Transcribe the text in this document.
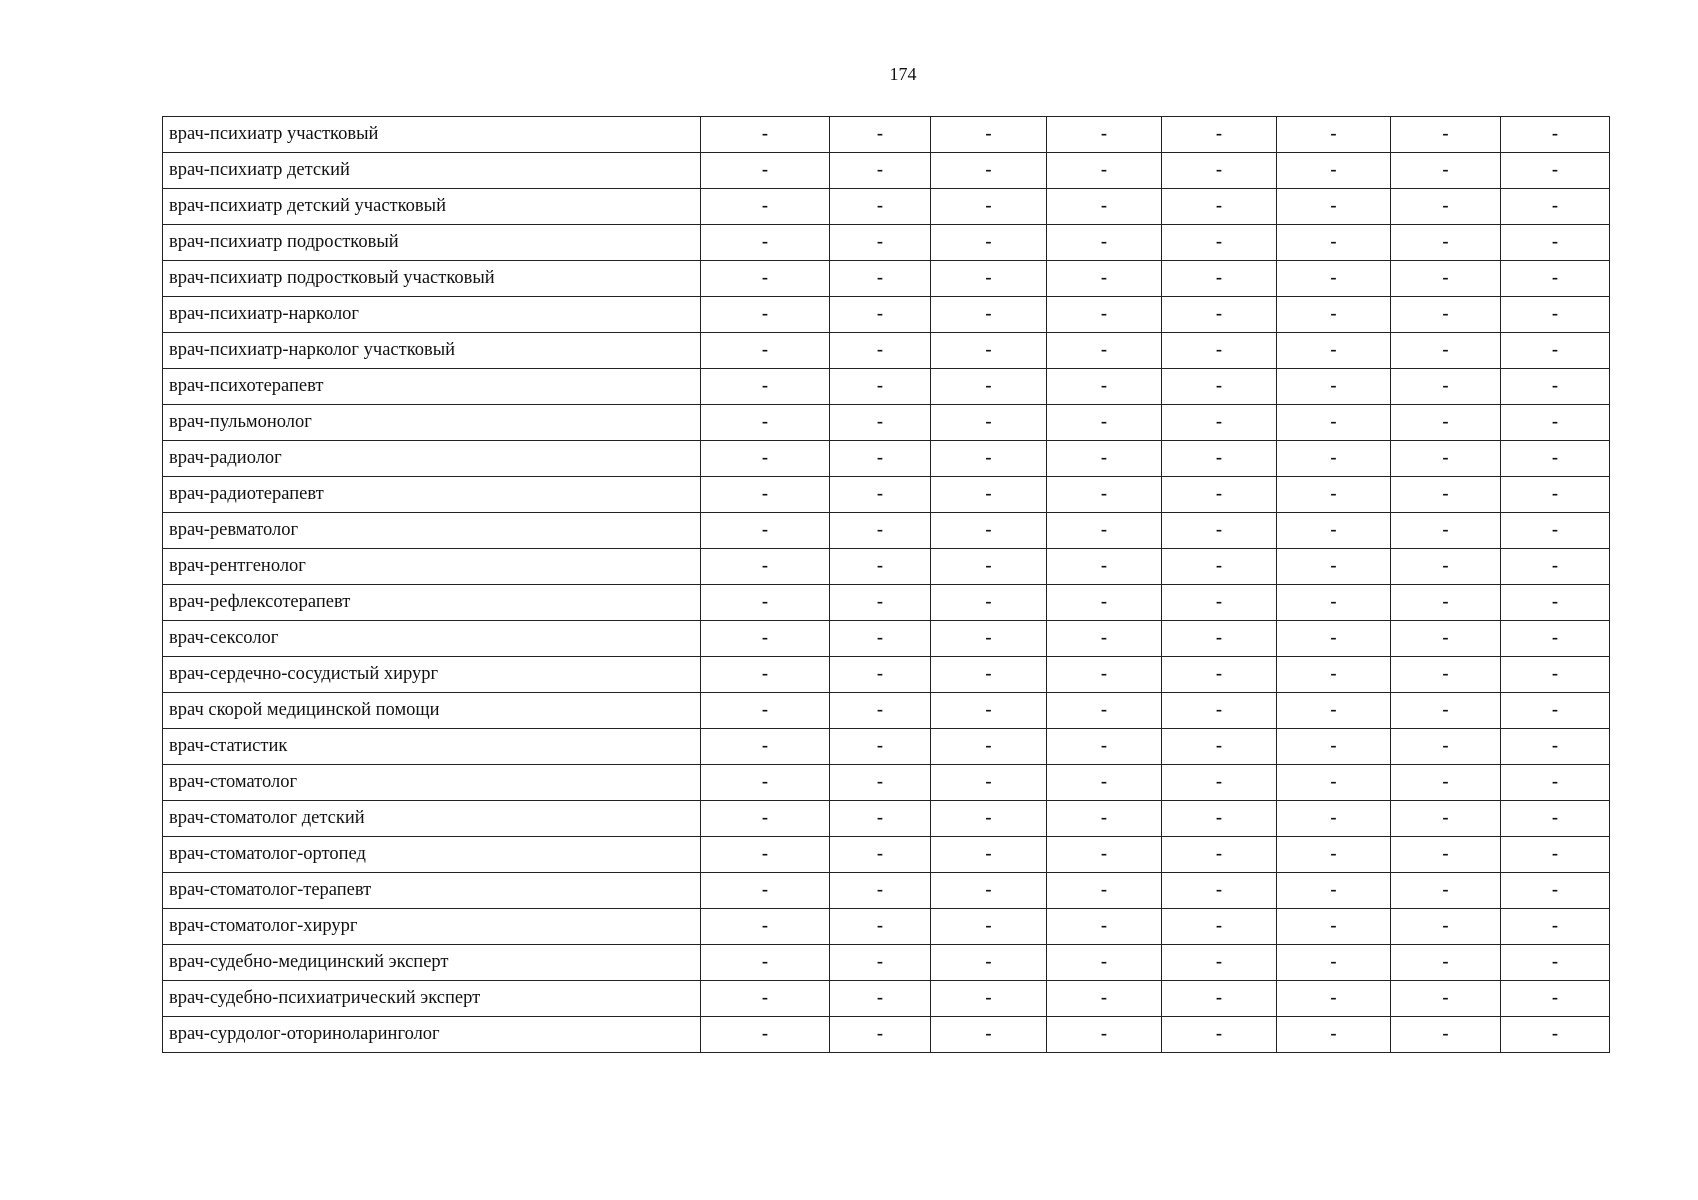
174
врач-психиатр участковый	-	-	-	-	-	-	-	-
врач-психиатр детский	-	-	-	-	-	-	-	-
врач-психиатр детский участковый	-	-	-	-	-	-	-	-
врач-психиатр подростковый	-	-	-	-	-	-	-	-
врач-психиатр подростковый участковый	-	-	-	-	-	-	-	-
врач-психиатр-нарколог	-	-	-	-	-	-	-	-
врач-психиатр-нарколог участковый	-	-	-	-	-	-	-	-
врач-психотерапевт	-	-	-	-	-	-	-	-
врач-пульмонолог	-	-	-	-	-	-	-	-
врач-радиолог	-	-	-	-	-	-	-	-
врач-радиотерапевт	-	-	-	-	-	-	-	-
врач-ревматолог	-	-	-	-	-	-	-	-
врач-рентгенолог	-	-	-	-	-	-	-	-
врач-рефлексотерапевт	-	-	-	-	-	-	-	-
врач-сексолог	-	-	-	-	-	-	-	-
врач-сердечно-сосудистый хирург	-	-	-	-	-	-	-	-
врач скорой медицинской помощи	-	-	-	-	-	-	-	-
врач-статистик	-	-	-	-	-	-	-	-
врач-стоматолог	-	-	-	-	-	-	-	-
врач-стоматолог детский	-	-	-	-	-	-	-	-
врач-стоматолог-ортопед	-	-	-	-	-	-	-	-
врач-стоматолог-терапевт	-	-	-	-	-	-	-	-
врач-стоматолог-хирург	-	-	-	-	-	-	-	-
врач-судебно-медицинский эксперт	-	-	-	-	-	-	-	-
врач-судебно-психиатрический эксперт	-	-	-	-	-	-	-	-
врач-сурдолог-оториноларинголог	-	-	-	-	-	-	-	-
